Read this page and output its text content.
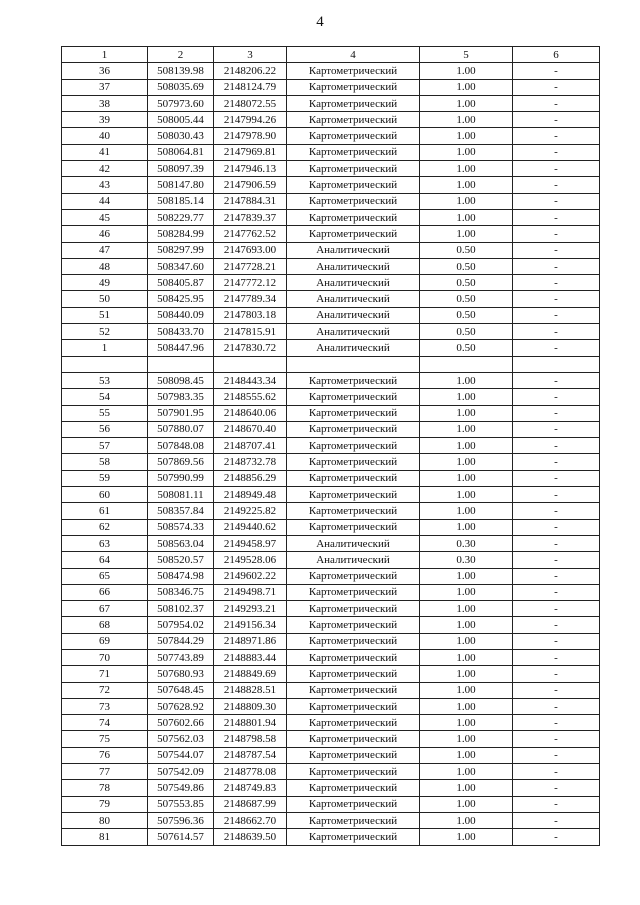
4
1	2	3	4	5	6
36	508139.98	2148206.22	Картометрический	1.00	-
37	508035.69	2148124.79	Картометрический	1.00	-
38	507973.60	2148072.55	Картометрический	1.00	-
39	508005.44	2147994.26	Картометрический	1.00	-
40	508030.43	2147978.90	Картометрический	1.00	-
41	508064.81	2147969.81	Картометрический	1.00	-
42	508097.39	2147946.13	Картометрический	1.00	-
43	508147.80	2147906.59	Картометрический	1.00	-
44	508185.14	2147884.31	Картометрический	1.00	-
45	508229.77	2147839.37	Картометрический	1.00	-
46	508284.99	2147762.52	Картометрический	1.00	-
47	508297.99	2147693.00	Аналитический	0.50	-
48	508347.60	2147728.21	Аналитический	0.50	-
49	508405.87	2147772.12	Аналитический	0.50	-
50	508425.95	2147789.34	Аналитический	0.50	-
51	508440.09	2147803.18	Аналитический	0.50	-
52	508433.70	2147815.91	Аналитический	0.50	-
1	508447.96	2147830.72	Аналитический	0.50	-

53	508098.45	2148443.34	Картометрический	1.00	-
54	507983.35	2148555.62	Картометрический	1.00	-
55	507901.95	2148640.06	Картометрический	1.00	-
56	507880.07	2148670.40	Картометрический	1.00	-
57	507848.08	2148707.41	Картометрический	1.00	-
58	507869.56	2148732.78	Картометрический	1.00	-
59	507990.99	2148856.29	Картометрический	1.00	-
60	508081.11	2148949.48	Картометрический	1.00	-
61	508357.84	2149225.82	Картометрический	1.00	-
62	508574.33	2149440.62	Картометрический	1.00	-
63	508563.04	2149458.97	Аналитический	0.30	-
64	508520.57	2149528.06	Аналитический	0.30	-
65	508474.98	2149602.22	Картометрический	1.00	-
66	508346.75	2149498.71	Картометрический	1.00	-
67	508102.37	2149293.21	Картометрический	1.00	-
68	507954.02	2149156.34	Картометрический	1.00	-
69	507844.29	2148971.86	Картометрический	1.00	-
70	507743.89	2148883.44	Картометрический	1.00	-
71	507680.93	2148849.69	Картометрический	1.00	-
72	507648.45	2148828.51	Картометрический	1.00	-
73	507628.92	2148809.30	Картометрический	1.00	-
74	507602.66	2148801.94	Картометрический	1.00	-
75	507562.03	2148798.58	Картометрический	1.00	-
76	507544.07	2148787.54	Картометрический	1.00	-
77	507542.09	2148778.08	Картометрический	1.00	-
78	507549.86	2148749.83	Картометрический	1.00	-
79	507553.85	2148687.99	Картометрический	1.00	-
80	507596.36	2148662.70	Картометрический	1.00	-
81	507614.57	2148639.50	Картометрический	1.00	-
